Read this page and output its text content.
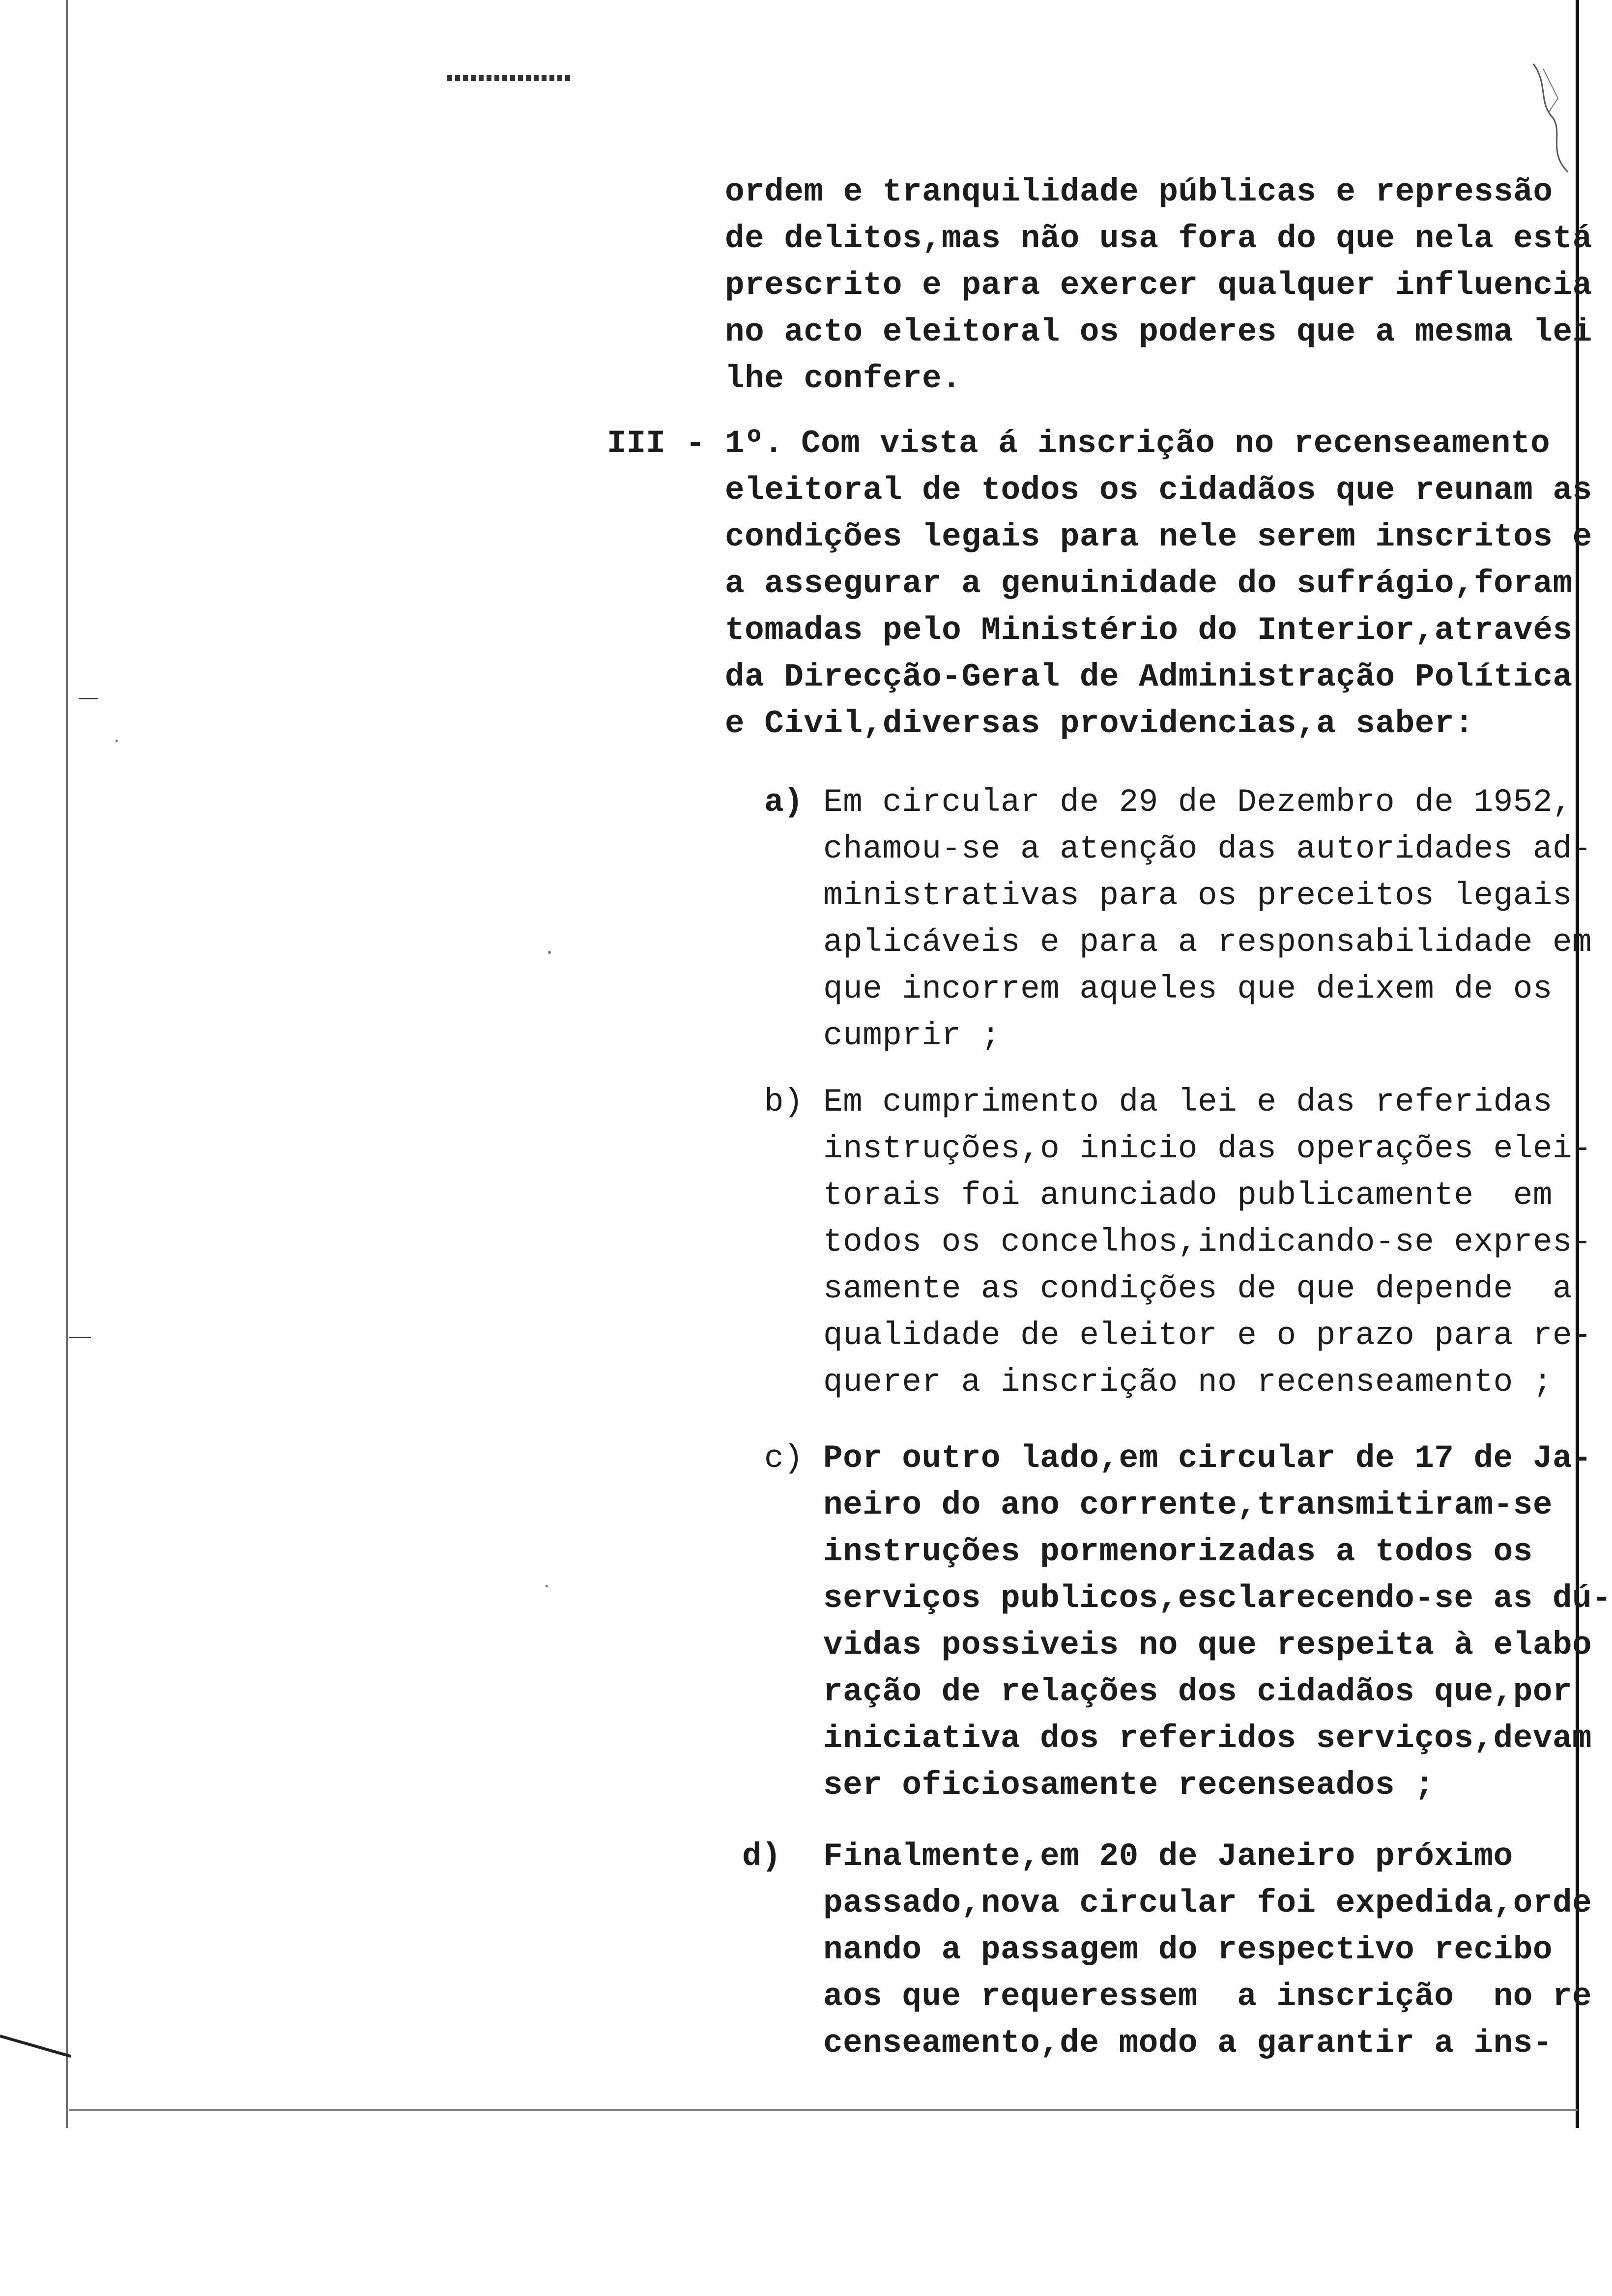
ordem e tranquilidade públicas e repressão
de delitos,mas não usa fora do que nela está
prescrito e para exercer qualquer influencia
no acto eleitoral os poderes que a mesma lei
lhe confere.
III - 1º. Com vista á inscrição no recenseamento
eleitoral de todos os cidadãos que reunam as
condições legais para nele serem inscritos e
a assegurar a genuinidade do sufrágio,foram
tomadas pelo Ministério do Interior,através
da Direcção-Geral de Administração Política
e Civil,diversas providencias,a saber:
a) Em circular de 29 de Dezembro de 1952,
chamou-se a atenção das autoridades ad-
ministrativas para os preceitos legais
aplicáveis e para a responsabilidade em
que incorrem aqueles que deixem de os
cumprir ;
b) Em cumprimento da lei e das referidas
instruções,o inicio das operações elei-
torais foi anunciado publicamente  em
todos os concelhos,indicando-se expres-
samente as condições de que depende  a
qualidade de eleitor e o prazo para re-
querer a inscrição no recenseamento ;
c) Por outro lado,em circular de 17 de Ja-
neiro do ano corrente,transmitiram-se
instruções pormenorizadas a todos os
serviços publicos,esclarecendo-se as dú-
vidas possiveis no que respeita à elabo
ração de relações dos cidadãos que,por
iniciativa dos referidos serviços,devam
ser oficiosamente recenseados ;
d) Finalmente,em 20 de Janeiro próximo
passado,nova circular foi expedida,orde
nando a passagem do respectivo recibo
aos que requeressem  a inscrição  no re
censeamento,de modo a garantir a ins-
